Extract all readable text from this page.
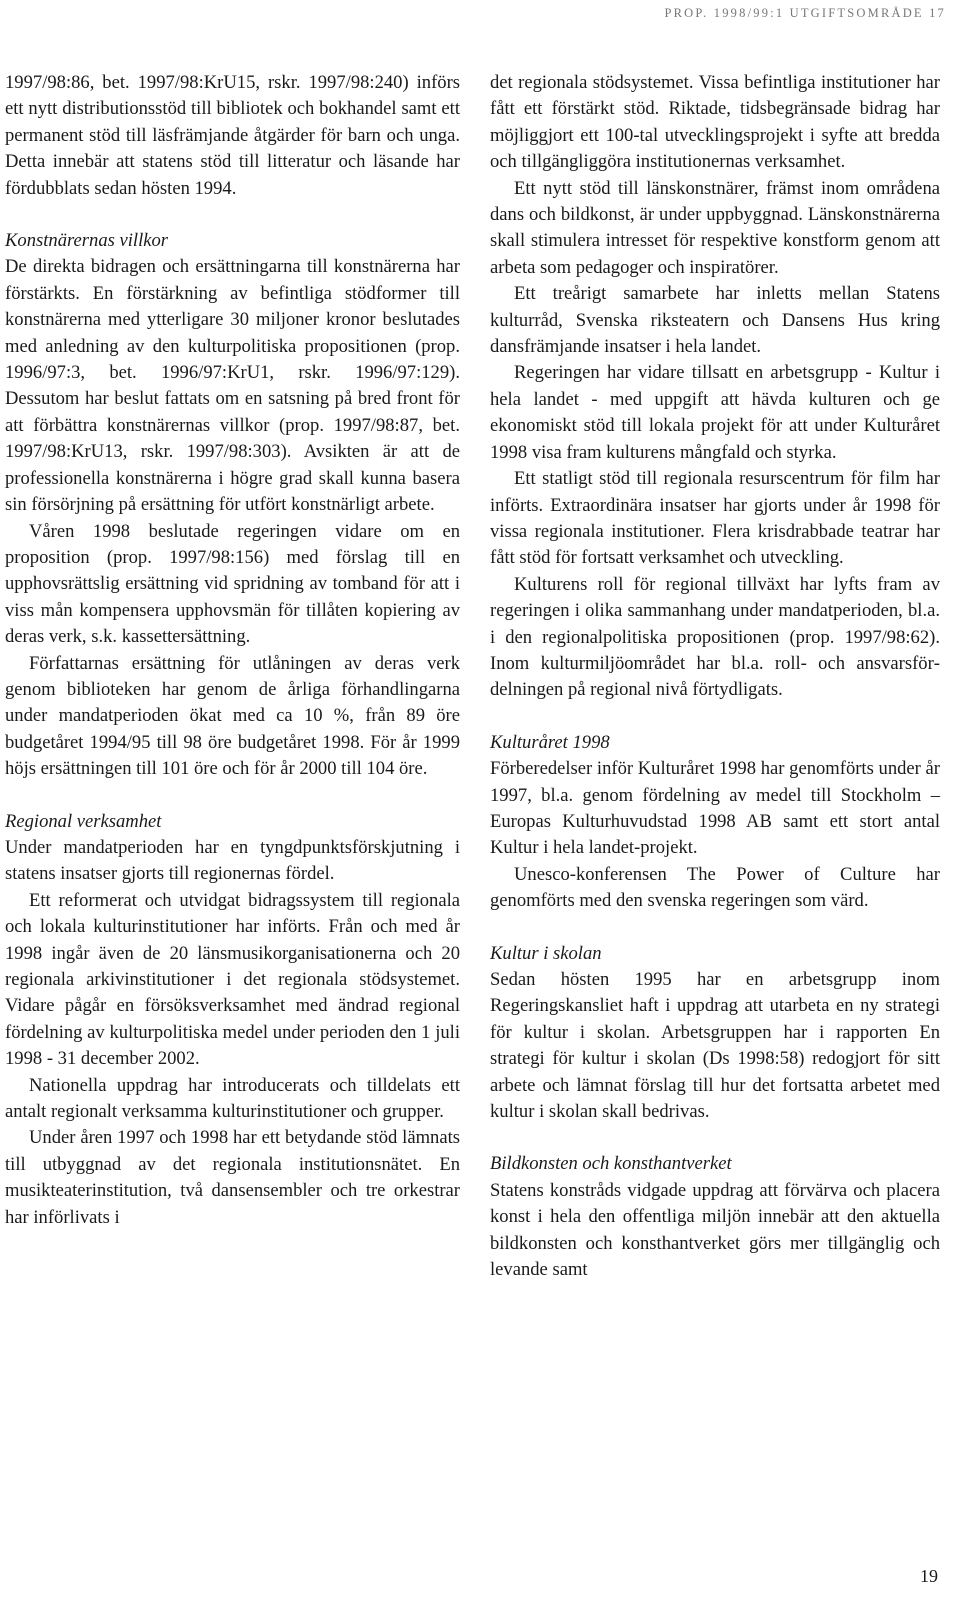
PROP. 1998/99:1 UTGIFTSOMRÅDE 17

1997/98:86, bet. 1997/98:KrU15, rskr. 1997/98:240) införs ett nytt distributionsstöd till bibliotek och bokhandel samt ett permanent stöd till läsfrämjande åtgärder för barn och unga. Detta innebär att statens stöd till litteratur och läsande har fördubblats sedan hösten 1994.

Konstnärernas villkor

De direkta bidragen och ersättningarna till konstnärerna har förstärkts. En förstärkning av befintliga stödformer till konstnärerna med ytterligare 30 miljoner kronor beslutades med anledning av den kulturpolitiska propositionen (prop. 1996/97:3, bet. 1996/97:KrU1, rskr. 1996/97:129). Dessutom har beslut fattats om en satsning på bred front för att förbättra konstnärernas villkor (prop. 1997/98:87, bet. 1997/98:KrU13, rskr. 1997/98:303). Avsikten är att de professionella konstnärerna i högre grad skall kunna basera sin försörjning på ersättning för utfört konstnärligt arbete.

Våren 1998 beslutade regeringen vidare om en proposition (prop. 1997/98:156) med förslag till en upphovsrättslig ersättning vid spridning av tomband för att i viss mån kompensera upphovsmän för tillåten kopiering av deras verk, s.k. kassettersättning.

Författarnas ersättning för utlåningen av deras verk genom biblioteken har genom de årliga förhandlingarna under mandatperioden ökat med ca 10 %, från 89 öre budgetåret 1994/95 till 98 öre budgetåret 1998. För år 1999 höjs ersättningen till 101 öre och för år 2000 till 104 öre.

Regional verksamhet

Under mandatperioden har en tyngdpunktsförskjutning i statens insatser gjorts till regionernas fördel.

Ett reformerat och utvidgat bidragssystem till regionala och lokala kulturinstitutioner har införts. Från och med år 1998 ingår även de 20 länsmusikorganisationerna och 20 regionala arkivinstitutioner i det regionala stödsystemet. Vidare pågår en försöksverksamhet med ändrad regional fördelning av kulturpolitiska medel under perioden den 1 juli 1998 - 31 december 2002.

Nationella uppdrag har introducerats och tilldelats ett antalt regionalt verksamma kulturinstitutioner och grupper.

Under åren 1997 och 1998 har ett betydande stöd lämnats till utbyggnad av det regionala institutionsnätet. En musikteaterinstitution, två dansensembler och tre orkestrar har införlivats i

det regionala stödsystemet. Vissa befintliga institutioner har fått ett förstärkt stöd. Riktade, tidsbegränsade bidrag har möjliggjort ett 100-tal utvecklingsprojekt i syfte att bredda och tillgängliggöra institutionernas verksamhet.

Ett nytt stöd till länskonstnärer, främst inom områdena dans och bildkonst, är under uppbyggnad. Länskonstnärerna skall stimulera intresset för respektive konstform genom att arbeta som pedagoger och inspiratörer.

Ett treårigt samarbete har inletts mellan Statens kulturråd, Svenska riksteatern och Dansens Hus kring dansfrämjande insatser i hela landet.

Regeringen har vidare tillsatt en arbetsgrupp - Kultur i hela landet - med uppgift att hävda kulturen och ge ekonomiskt stöd till lokala projekt för att under Kulturåret 1998 visa fram kulturens mångfald och styrka.

Ett statligt stöd till regionala resurscentrum för film har införts. Extraordinära insatser har gjorts under år 1998 för vissa regionala institutioner. Flera krisdrabbade teatrar har fått stöd för fortsatt verksamhet och utveckling.

Kulturens roll för regional tillväxt har lyfts fram av regeringen i olika sammanhang under mandatperioden, bl.a. i den regionalpolitiska propositionen (prop. 1997/98:62). Inom kulturmiljöområdet har bl.a. roll- och ansvarsfördelningen på regional nivå förtydligats.

Kulturåret 1998

Förberedelser inför Kulturåret 1998 har genomförts under år 1997, bl.a. genom fördelning av medel till Stockholm – Europas Kulturhuvudstad 1998 AB samt ett stort antal Kultur i hela landet-projekt.

Unesco-konferensen The Power of Culture har genomförts med den svenska regeringen som värd.

Kultur i skolan

Sedan hösten 1995 har en arbetsgrupp inom Regeringskansliet haft i uppdrag att utarbeta en ny strategi för kultur i skolan. Arbetsgruppen har i rapporten En strategi för kultur i skolan (Ds 1998:58) redogjort för sitt arbete och lämnat förslag till hur det fortsatta arbetet med kultur i skolan skall bedrivas.

Bildkonsten och konsthantverket

Statens konstråds vidgade uppdrag att förvärva och placera konst i hela den offentliga miljön innebär att den aktuella bildkonsten och konsthantverket görs mer tillgänglig och levande samt

19
